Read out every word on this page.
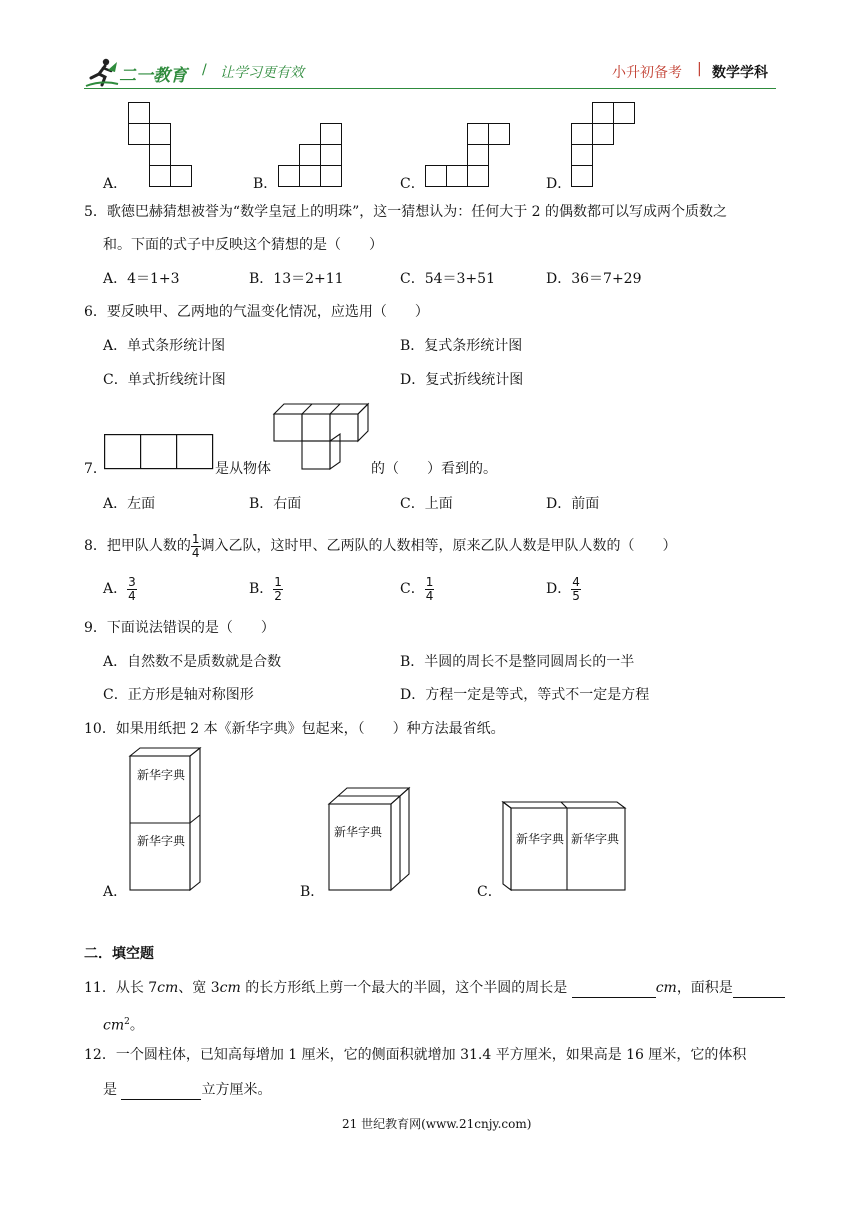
二一教育 / 让学习更有效	小升初备考 | 数学学科
A．	B．	C．	D．
5．歌德巴赫猜想被誉为“数学皇冠上的明珠”，这一猜想认为：任何大于 2 的偶数都可以写成两个质数之
和。下面的式子中反映这个猜想的是（　　）
A．4＝1+3	B．13＝2+11	C．54＝3+51	D．36＝7+29
6．要反映甲、乙两地的气温变化情况，应选用（　　）
A．单式条形统计图	B．复式条形统计图
C．单式折线统计图	D．复式折线统计图
7．	是从物体	的（　　）看到的。
A．左面	B．右面	C．上面	D．前面
8．把甲队人数的 $\frac{1}{4}$ 调入乙队，这时甲、乙两队的人数相等，原来乙队人数是甲队人数的（　　）
A． $\frac{3}{4}$	B． $\frac{1}{2}$	C． $\frac{1}{4}$	D． $\frac{4}{5}$
9．下面说法错误的是（　　）
A．自然数不是质数就是合数	B．半圆的周长不是整同圆周长的一半
C．正方形是轴对称图形	D．方程一定是等式，等式不一定是方程
10．如果用纸把 2 本《新华字典》包起来，（　　）种方法最省纸。
新华字典
新华字典
A．
新华字典
B．
新华字典 新华字典
C．
二．填空题
11．从长 7cm、宽 3cm 的长方形纸上剪一个最大的半圆，这个半圆的周长是	cm，面积是
$cm^2$。
12．一个圆柱体，已知高每增加 1 厘米，它的侧面积就增加 31.4 平方厘米，如果高是 16 厘米，它的体积
是	立方厘米。
21 世纪教育网(www.21cnjy.com)
